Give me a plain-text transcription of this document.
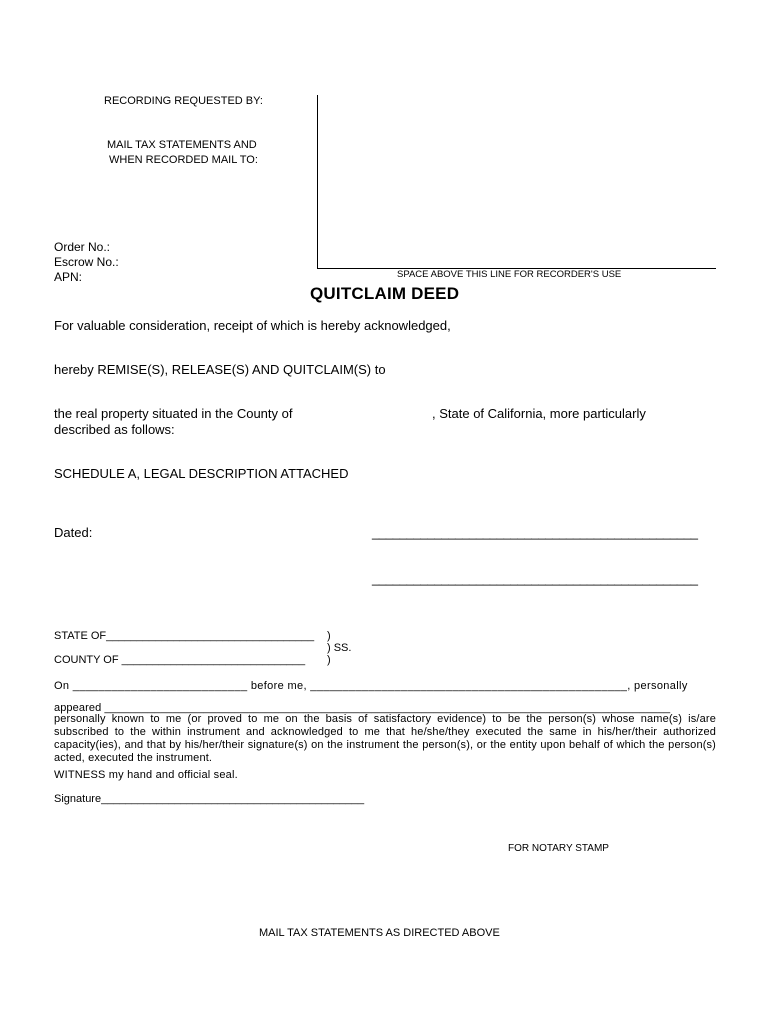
RECORDING REQUESTED BY:
MAIL TAX STATEMENTS AND
WHEN RECORDED MAIL TO:
Order No.:
Escrow No.:
APN:	SPACE ABOVE THIS LINE FOR RECORDER'S USE
QUITCLAIM DEED
For valuable consideration, receipt of which is hereby acknowledged,
hereby REMISE(S), RELEASE(S) AND QUITCLAIM(S) to
the real property situated in the County of	, State of California, more particularly
described as follows:
SCHEDULE A, LEGAL DESCRIPTION ATTACHED
Dated:	_______________________________________________
_______________________________________________
STATE OF__________________________________
COUNTY OF ______________________________
)
) SS.
)
On ___________________________ before me, _________________________________________________, personally
appeared ___________________________________________________________________________________________
personally known to me (or proved to me on the basis of satisfactory evidence) to be the person(s) whose name(s) is/are subscribed to the within instrument and acknowledged to me that he/she/they executed the same in his/her/their authorized capacity(ies), and that by his/her/their signature(s) on the instrument the person(s), or the entity upon behalf of which the person(s) acted, executed the instrument.
WITNESS my hand and official seal.
Signature___________________________________________
FOR NOTARY STAMP
MAIL TAX STATEMENTS AS DIRECTED ABOVE
